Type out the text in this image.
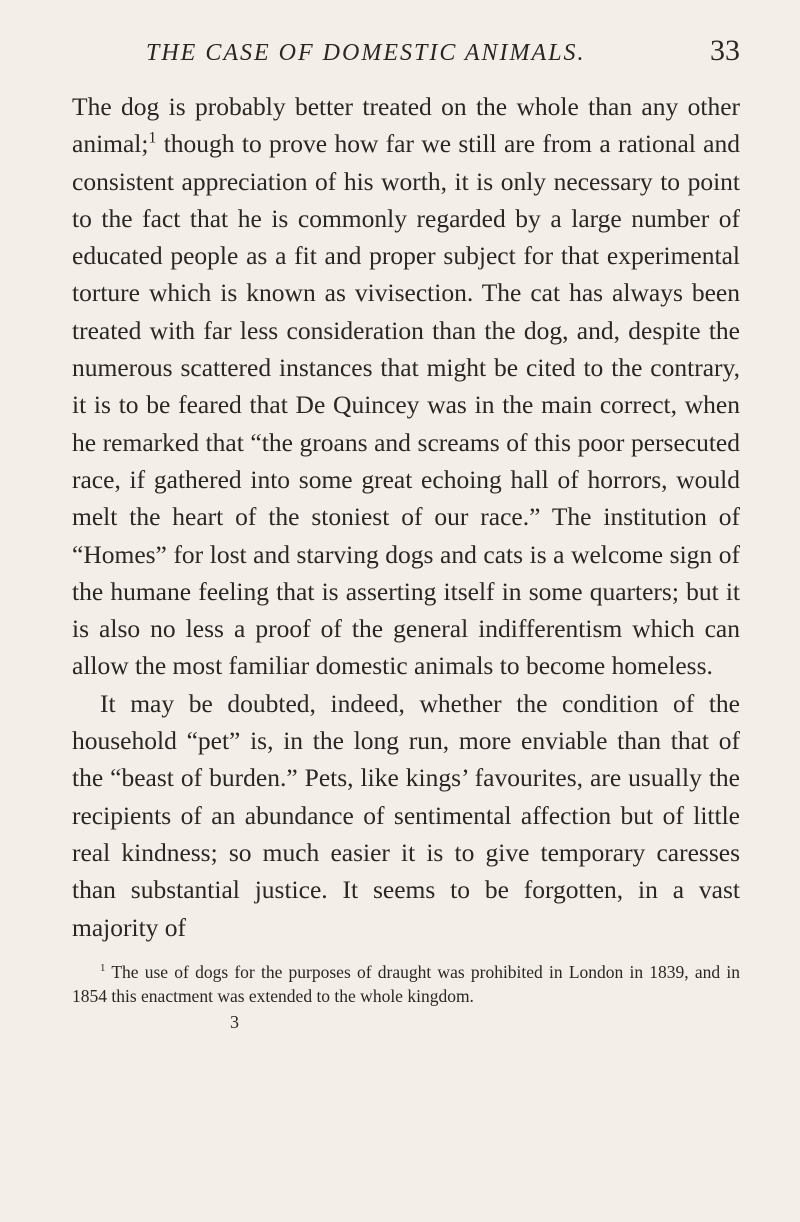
THE CASE OF DOMESTIC ANIMALS.	33

The dog is probably better treated on the whole than any other animal;$^1$ though to prove how far we still are from a rational and consistent appreciation of his worth, it is only necessary to point to the fact that he is commonly regarded by a large number of educated people as a fit and proper subject for that experimental torture which is known as vivisection. The cat has always been treated with far less consideration than the dog, and, despite the numerous scattered instances that might be cited to the contrary, it is to be feared that De Quincey was in the main correct, when he remarked that “the groans and screams of this poor persecuted race, if gathered into some great echoing hall of horrors, would melt the heart of the stoniest of our race.” The institution of “Homes” for lost and starving dogs and cats is a welcome sign of the humane feeling that is asserting itself in some quarters; but it is also no less a proof of the general indifferentism which can allow the most familiar domestic animals to become homeless.

It may be doubted, indeed, whether the condition of the household “pet” is, in the long run, more enviable than that of the “beast of burden.” Pets, like kings’ favourites, are usually the recipients of an abundance of sentimental affection but of little real kindness; so much easier it is to give temporary caresses than substantial justice. It seems to be forgotten, in a vast majority of

$^1$ The use of dogs for the purposes of draught was prohibited in London in 1839, and in 1854 this enactment was extended to the whole kingdom.
3
